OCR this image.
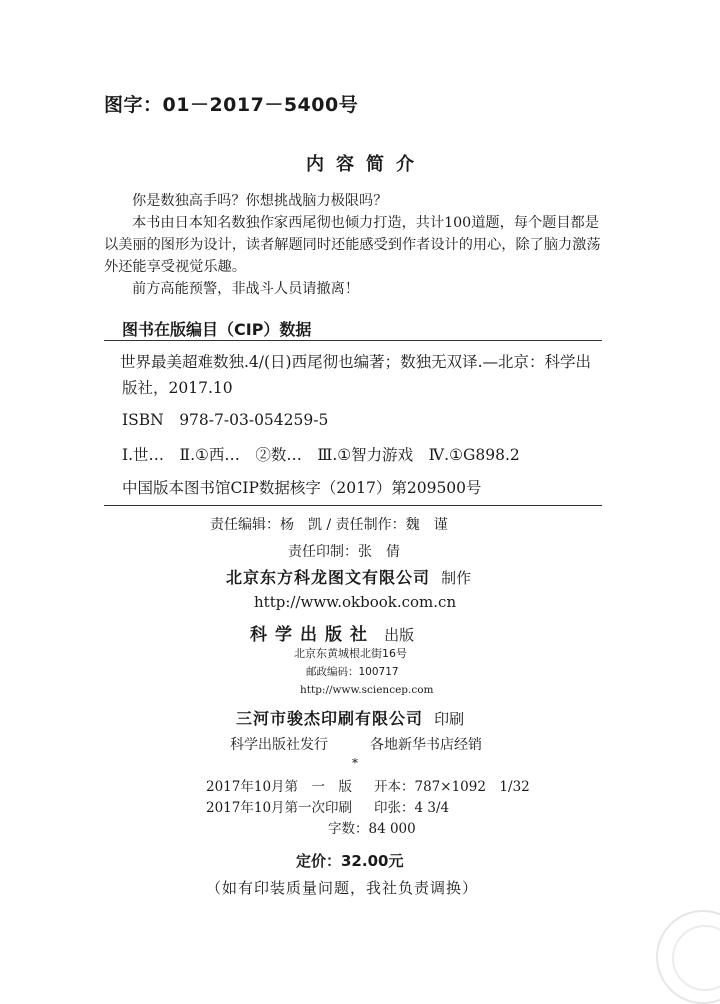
图字：01－2017－5400号
内容简介

你是数独高手吗？你想挑战脑力极限吗？

本书由日本知名数独作家西尾彻也倾力打造，共计100道题，每个题目都是以美丽的图形为设计，读者解题同时还能感受到作者设计的用心，除了脑力激荡外还能享受视觉乐趣。

前方高能预警，非战斗人员请撤离！

图书在版编目（CIP）数据
世界最美超难数独.4/(日)西尾彻也编著；数独无双译.—北京：科学出版社，2017.10
ISBN　978-7-03-054259-5
Ⅰ.世…　Ⅱ.①西…　②数…　Ⅲ.①智力游戏　Ⅳ.①G898.2
中国版本图书馆CIP数据核字（2017）第209500号
责任编辑：杨　凯 / 责任制作：魏　谨
责任印制：张　倩
北京东方科龙图文有限公司 制作
http://www.okbook.com.cn
科学出版社 出版
北京东黄城根北街16号
邮政编码：100717
http://www.sciencep.com
三河市骏杰印刷有限公司 印刷
科学出版社发行	各地新华书店经销
*
2017年10月第　一　版 开本：787×1092　1/32
2017年10月第一次印刷 印张：4 3/4
字数：84 000
定价：32.00元
（如有印装质量问题，我社负责调换）
